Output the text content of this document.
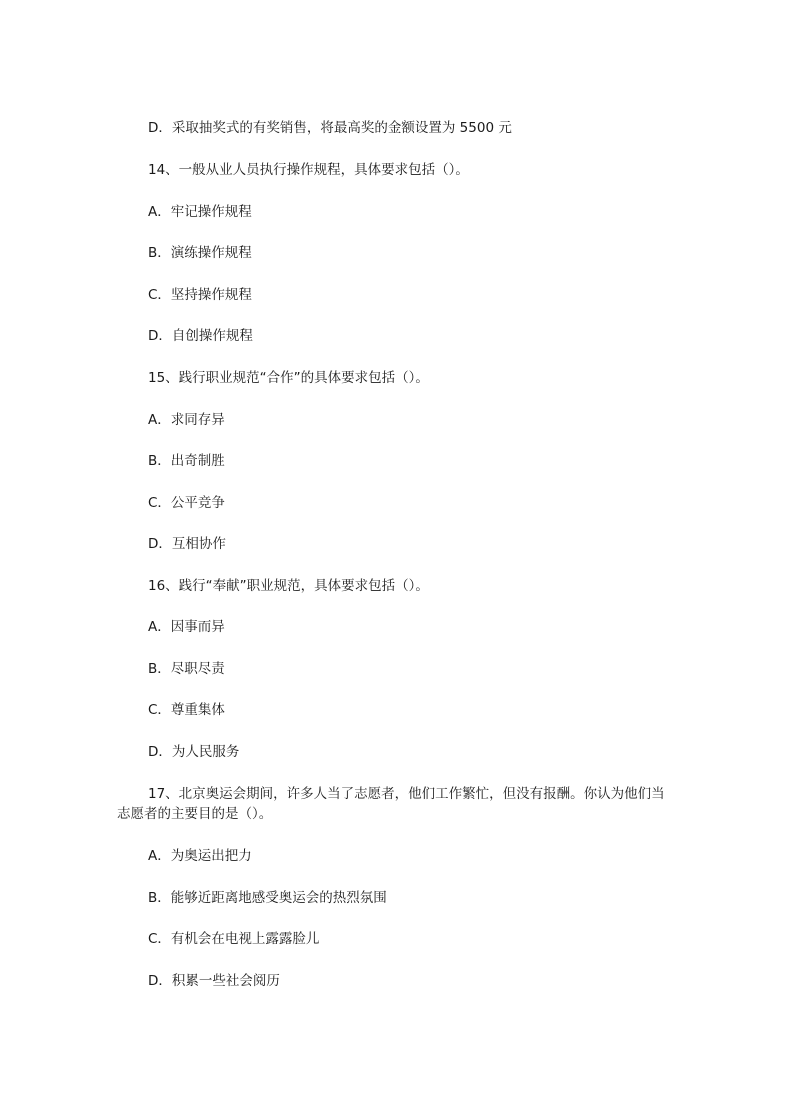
D．采取抽奖式的有奖销售，将最高奖的金额设置为 5500 元
14、一般从业人员执行操作规程，具体要求包括（）。
A．牢记操作规程
B．演练操作规程
C．坚持操作规程
D．自创操作规程
15、践行职业规范“合作”的具体要求包括（）。
A．求同存异
B．出奇制胜
C．公平竞争
D．互相协作
16、践行“奉献”职业规范，具体要求包括（）。
A．因事而异
B．尽职尽责
C．尊重集体
D．为人民服务
17、北京奥运会期间，许多人当了志愿者，他们工作繁忙，但没有报酬。你认为他们当志愿者的主要目的是（）。
A．为奥运出把力
B．能够近距离地感受奥运会的热烈氛围
C．有机会在电视上露露脸儿
D．积累一些社会阅历
